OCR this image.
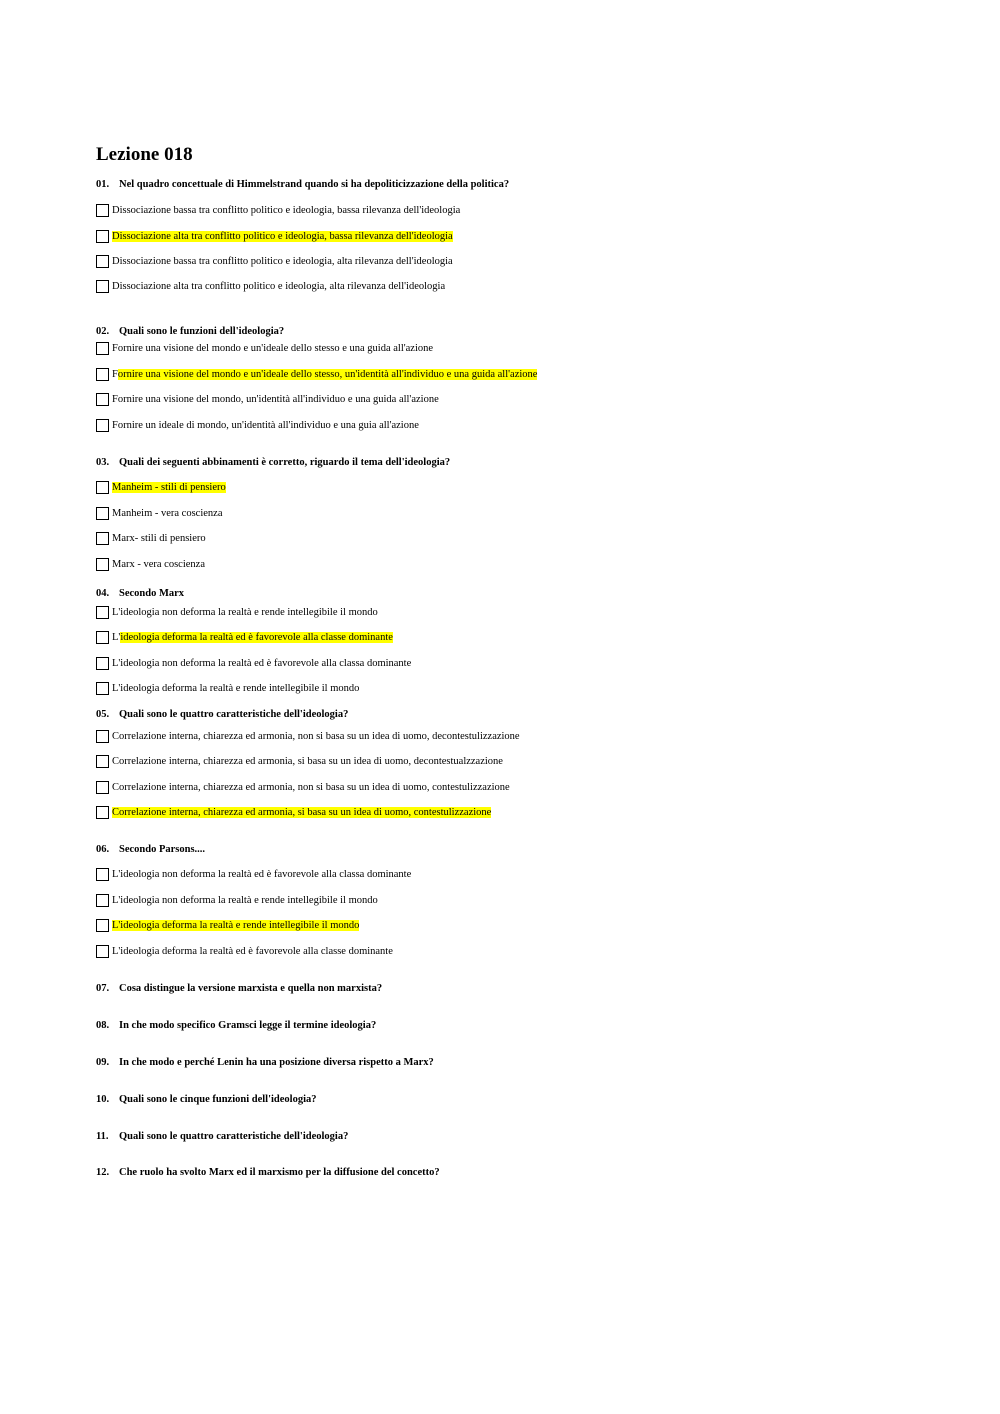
Lezione 018
01. Nel quadro concettuale di Himmelstrand quando si ha depoliticizzazione della politica?
Dissociazione bassa tra conflitto politico e ideologia, bassa rilevanza dell'ideologia
Dissociazione alta tra conflitto politico e ideologia, bassa rilevanza dell'ideologia
Dissociazione bassa tra conflitto politico e ideologia, alta rilevanza dell'ideologia
Dissociazione alta tra conflitto politico e ideologia, alta rilevanza dell'ideologia
02. Quali sono le funzioni dell'ideologia?
Fornire una visione del mondo e un'ideale dello stesso e una guida all'azione
F ornire una visione del mondo e un'ideale dello stesso, un'identità all'individuo e una guida all'azione
Fornire una visione del mondo, un'identità all'individuo e una guida all'azione
Fornire un ideale di mondo, un'identità all'individuo e una guia all'azione
03. Quali dei seguenti abbinamenti è corretto, riguardo il tema dell'ideologia?
Manheim - stili di pensiero
Manheim - vera coscienza
Marx- stili di pensiero
Marx - vera coscienza
04. Secondo Marx
L'ideologia non deforma la realtà e rende intellegibile il mondo
L' ideologia deforma la realtà ed è favorevole alla classe dominante
L'ideologia non deforma la realtà ed è favorevole alla classa dominante
L'ideologia deforma la realtà e rende intellegibile il mondo
05. Quali sono le quattro caratteristiche dell'ideologia?
Correlazione interna, chiarezza ed armonia, non si basa su un idea di uomo, decontestulizzazione
Correlazione interna, chiarezza ed armonia, si basa su un idea di uomo, decontestualzzazione
Correlazione interna, chiarezza ed armonia, non si basa su un idea di uomo, contestulizzazione
Correlazione interna, chiarezza ed armonia, si basa su un idea di uomo, contestulizzazione
06. Secondo Parsons....
L'ideologia non deforma la realtà ed è favorevole alla classa dominante
L'ideologia non deforma la realtà e rende intellegibile il mondo
L'ideologia deforma la realtà e rende intellegibile il mondo
L'ideologia deforma la realtà ed è favorevole alla classe dominante
07. Cosa distingue la versione marxista e quella non marxista?
08. In che modo specifico Gramsci legge il termine ideologia?
09. In che modo e perché Lenin ha una posizione diversa rispetto a Marx?
10. Quali sono le cinque funzioni dell'ideologia?
11. Quali sono le quattro caratteristiche dell'ideologia?
12. Che ruolo ha svolto Marx ed il marxismo per la diffusione del concetto?
